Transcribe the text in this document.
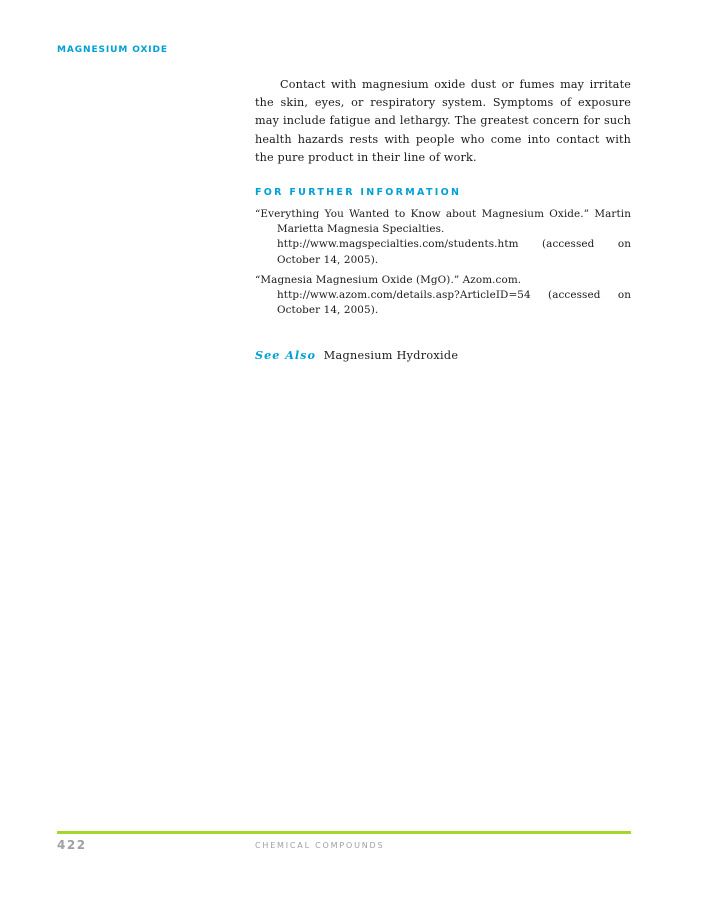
MAGNESIUM OXIDE

Contact with magnesium oxide dust or fumes may irritate the skin, eyes, or respiratory system. Symptoms of exposure may include fatigue and lethargy. The greatest concern for such health hazards rests with people who come into contact with the pure product in their line of work.

FOR FURTHER INFORMATION
“Everything You Wanted to Know about Magnesium Oxide.” Martin Marietta Magnesia Specialties.
http://www.magspecialties.com/students.htm (accessed on October 14, 2005).
“Magnesia Magnesium Oxide (MgO).” Azom.com.
http://www.azom.com/details.asp?ArticleID=54 (accessed on October 14, 2005).
See Also Magnesium Hydroxide
422	CHEMICAL COMPOUNDS
